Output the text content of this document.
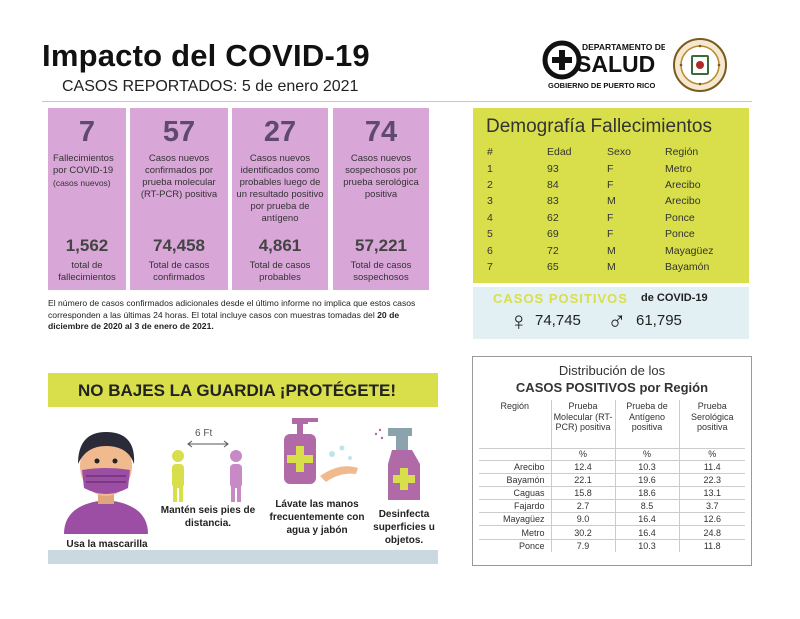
Impacto del COVID-19
CASOS REPORTADOS: 5 de enero 2021
DEPARTAMENTO DE
SALUD
GOBIERNO DE PUERTO RICO
7
Fallecimientos por COVID-19
(casos nuevos)
1,562
total de fallecimientos
57
Casos nuevos confirmados por prueba molecular (RT-PCR) positiva
74,458
Total de casos confirmados
27
Casos nuevos identificados como probables luego de un resultado positivo por prueba de antígeno
4,861
Total de casos probables
74
Casos nuevos sospechosos por prueba serológica positiva
57,221
Total de casos sospechosos
El número de casos confirmados adicionales desde el último informe no implica que estos casos corresponden a las últimas 24 horas. El total incluye casos con muestras tomadas del 20 de diciembre de 2020 al 3 de enero de 2021.
Demografía Fallecimientos
#	Edad	Sexo	Región
1	93	F	Metro
2	84	F	Arecibo
3	83	M	Arecibo
4	62	F	Ponce
5	69	F	Ponce
6	72	M	Mayagüez
7	65	M	Bayamón
CASOS POSITIVOS de COVID-19
♀ 74,745 ♂ 61,795
Distribución de los
CASOS POSITIVOS por Región
Región	Prueba Molecular (RT-PCR) positiva	Prueba de Antígeno positiva	Prueba Serológica positiva
	%	%	%
Arecibo	12.4	10.3	11.4
Bayamón	22.1	19.6	22.3
Caguas	15.8	18.6	13.1
Fajardo	2.7	8.5	3.7
Mayagüez	9.0	16.4	12.6
Metro	30.2	16.4	24.8
Ponce	7.9	10.3	11.8
NO BAJES LA GUARDIA ¡PROTÉGETE!
Usa la mascarilla
6 Ft
Mantén seis pies de distancia.
Lávate las manos frecuentemente con agua y jabón
Desinfecta superficies u objetos.
